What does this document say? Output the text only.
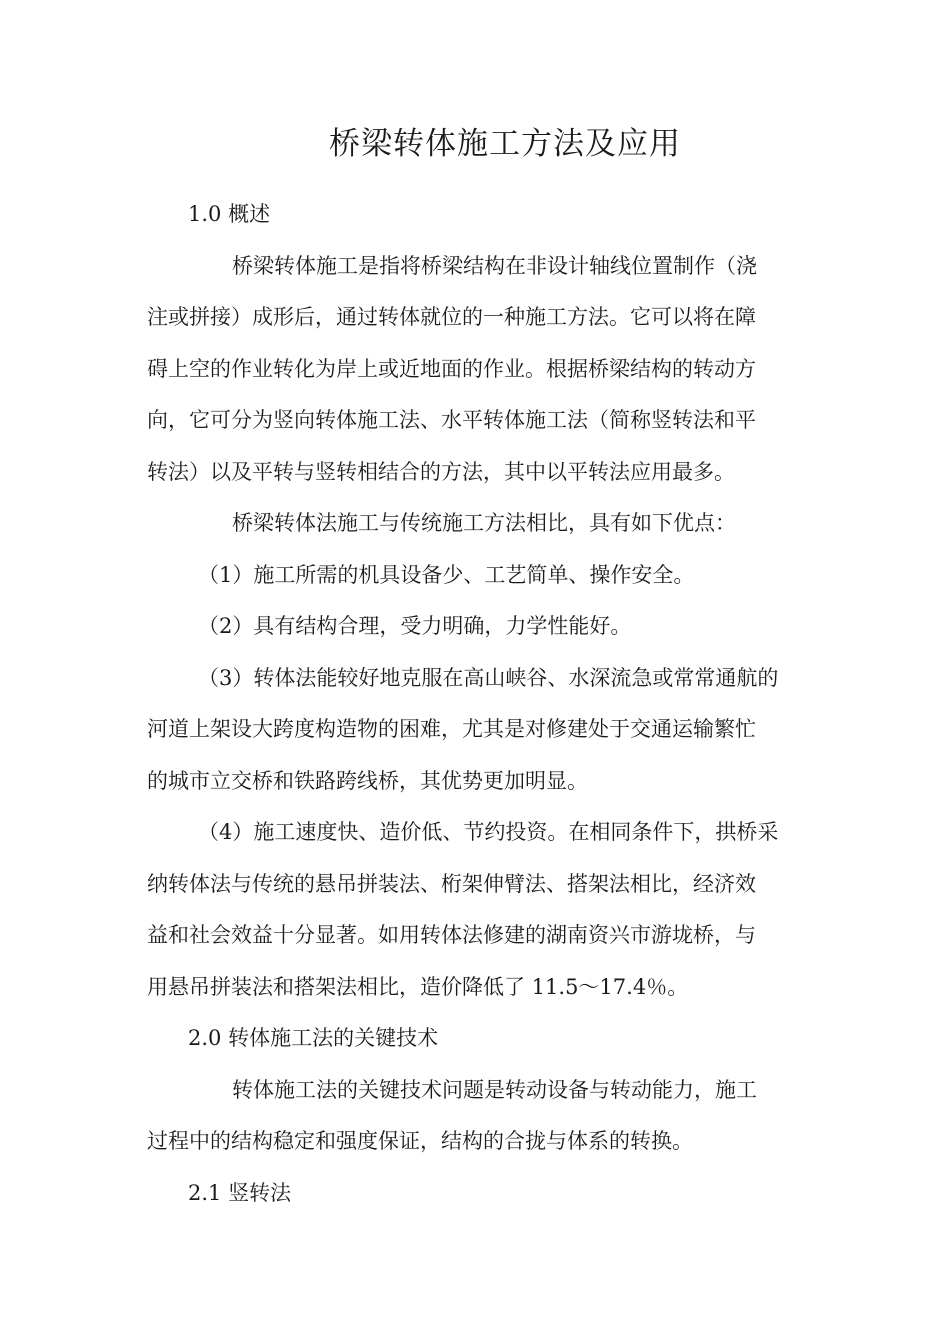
桥梁转体施工方法及应用
1.0 概述
桥梁转体施工是指将桥梁结构在非设计轴线位置制作（浇
注或拼接）成形后，通过转体就位的一种施工方法。它可以将在障
碍上空的作业转化为岸上或近地面的作业。根据桥梁结构的转动方
向，它可分为竖向转体施工法、水平转体施工法（简称竖转法和平
转法）以及平转与竖转相结合的方法，其中以平转法应用最多。
桥梁转体法施工与传统施工方法相比，具有如下优点：
（1）施工所需的机具设备少、工艺简单、操作安全。
（2）具有结构合理，受力明确，力学性能好。
（3）转体法能较好地克服在高山峡谷、水深流急或常常通航的
河道上架设大跨度构造物的困难，尤其是对修建处于交通运输繁忙
的城市立交桥和铁路跨线桥，其优势更加明显。
（4）施工速度快、造价低、节约投资。在相同条件下，拱桥采
纳转体法与传统的悬吊拼装法、桁架伸臂法、搭架法相比，经济效
益和社会效益十分显著。如用转体法修建的湖南资兴市游垅桥，与
用悬吊拼装法和搭架法相比，造价降低了 11.5～17.4％。
2.0 转体施工法的关键技术
转体施工法的关键技术问题是转动设备与转动能力，施工
过程中的结构稳定和强度保证，结构的合拢与体系的转换。
2.1 竖转法
